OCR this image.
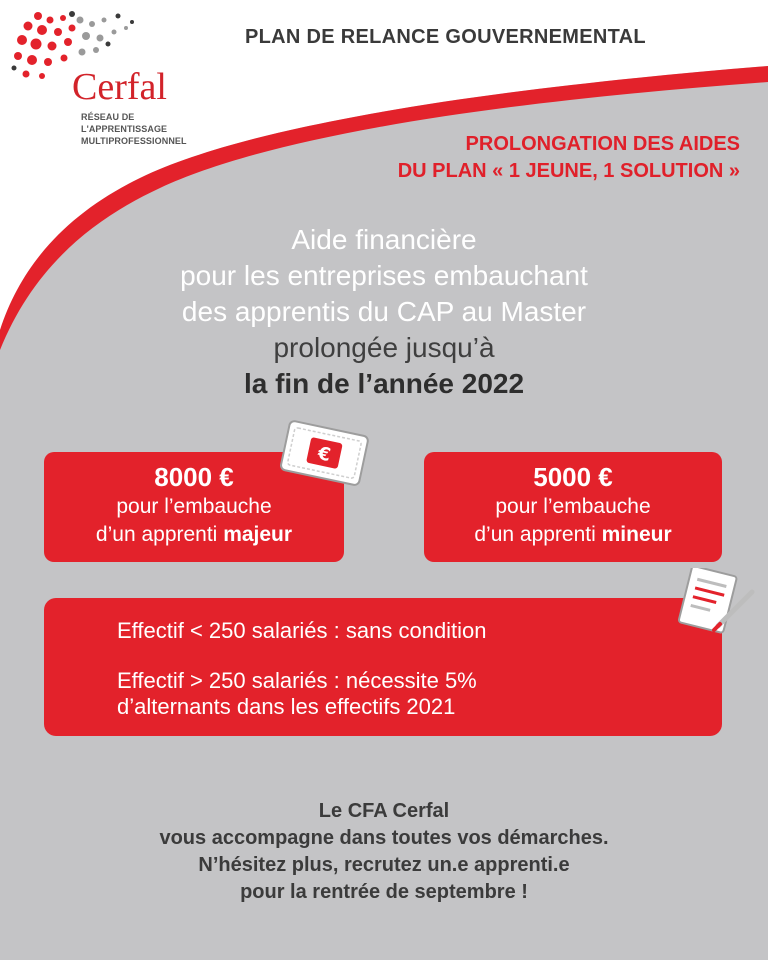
Cerfal
RÉSEAU DE L'APPRENTISSAGE
MULTIPROFESSIONNEL
PLAN DE RELANCE GOUVERNEMENTAL
PROLONGATION DES AIDES
DU PLAN « 1 JEUNE, 1 SOLUTION »
Aide financière
pour les entreprises embauchant
des apprentis du CAP au Master
prolongée jusqu’à
la fin de l’année 2022
8000 €
pour l’embauche
d’un apprenti majeur
5000 €
pour l’embauche
d’un apprenti mineur
€
Effectif < 250 salariés : sans condition
Effectif > 250 salariés : nécessite 5%
d’alternants dans les effectifs 2021
Le CFA Cerfal
vous accompagne dans toutes vos démarches.
N’hésitez plus, recrutez un.e apprenti.e
pour la rentrée de septembre !
